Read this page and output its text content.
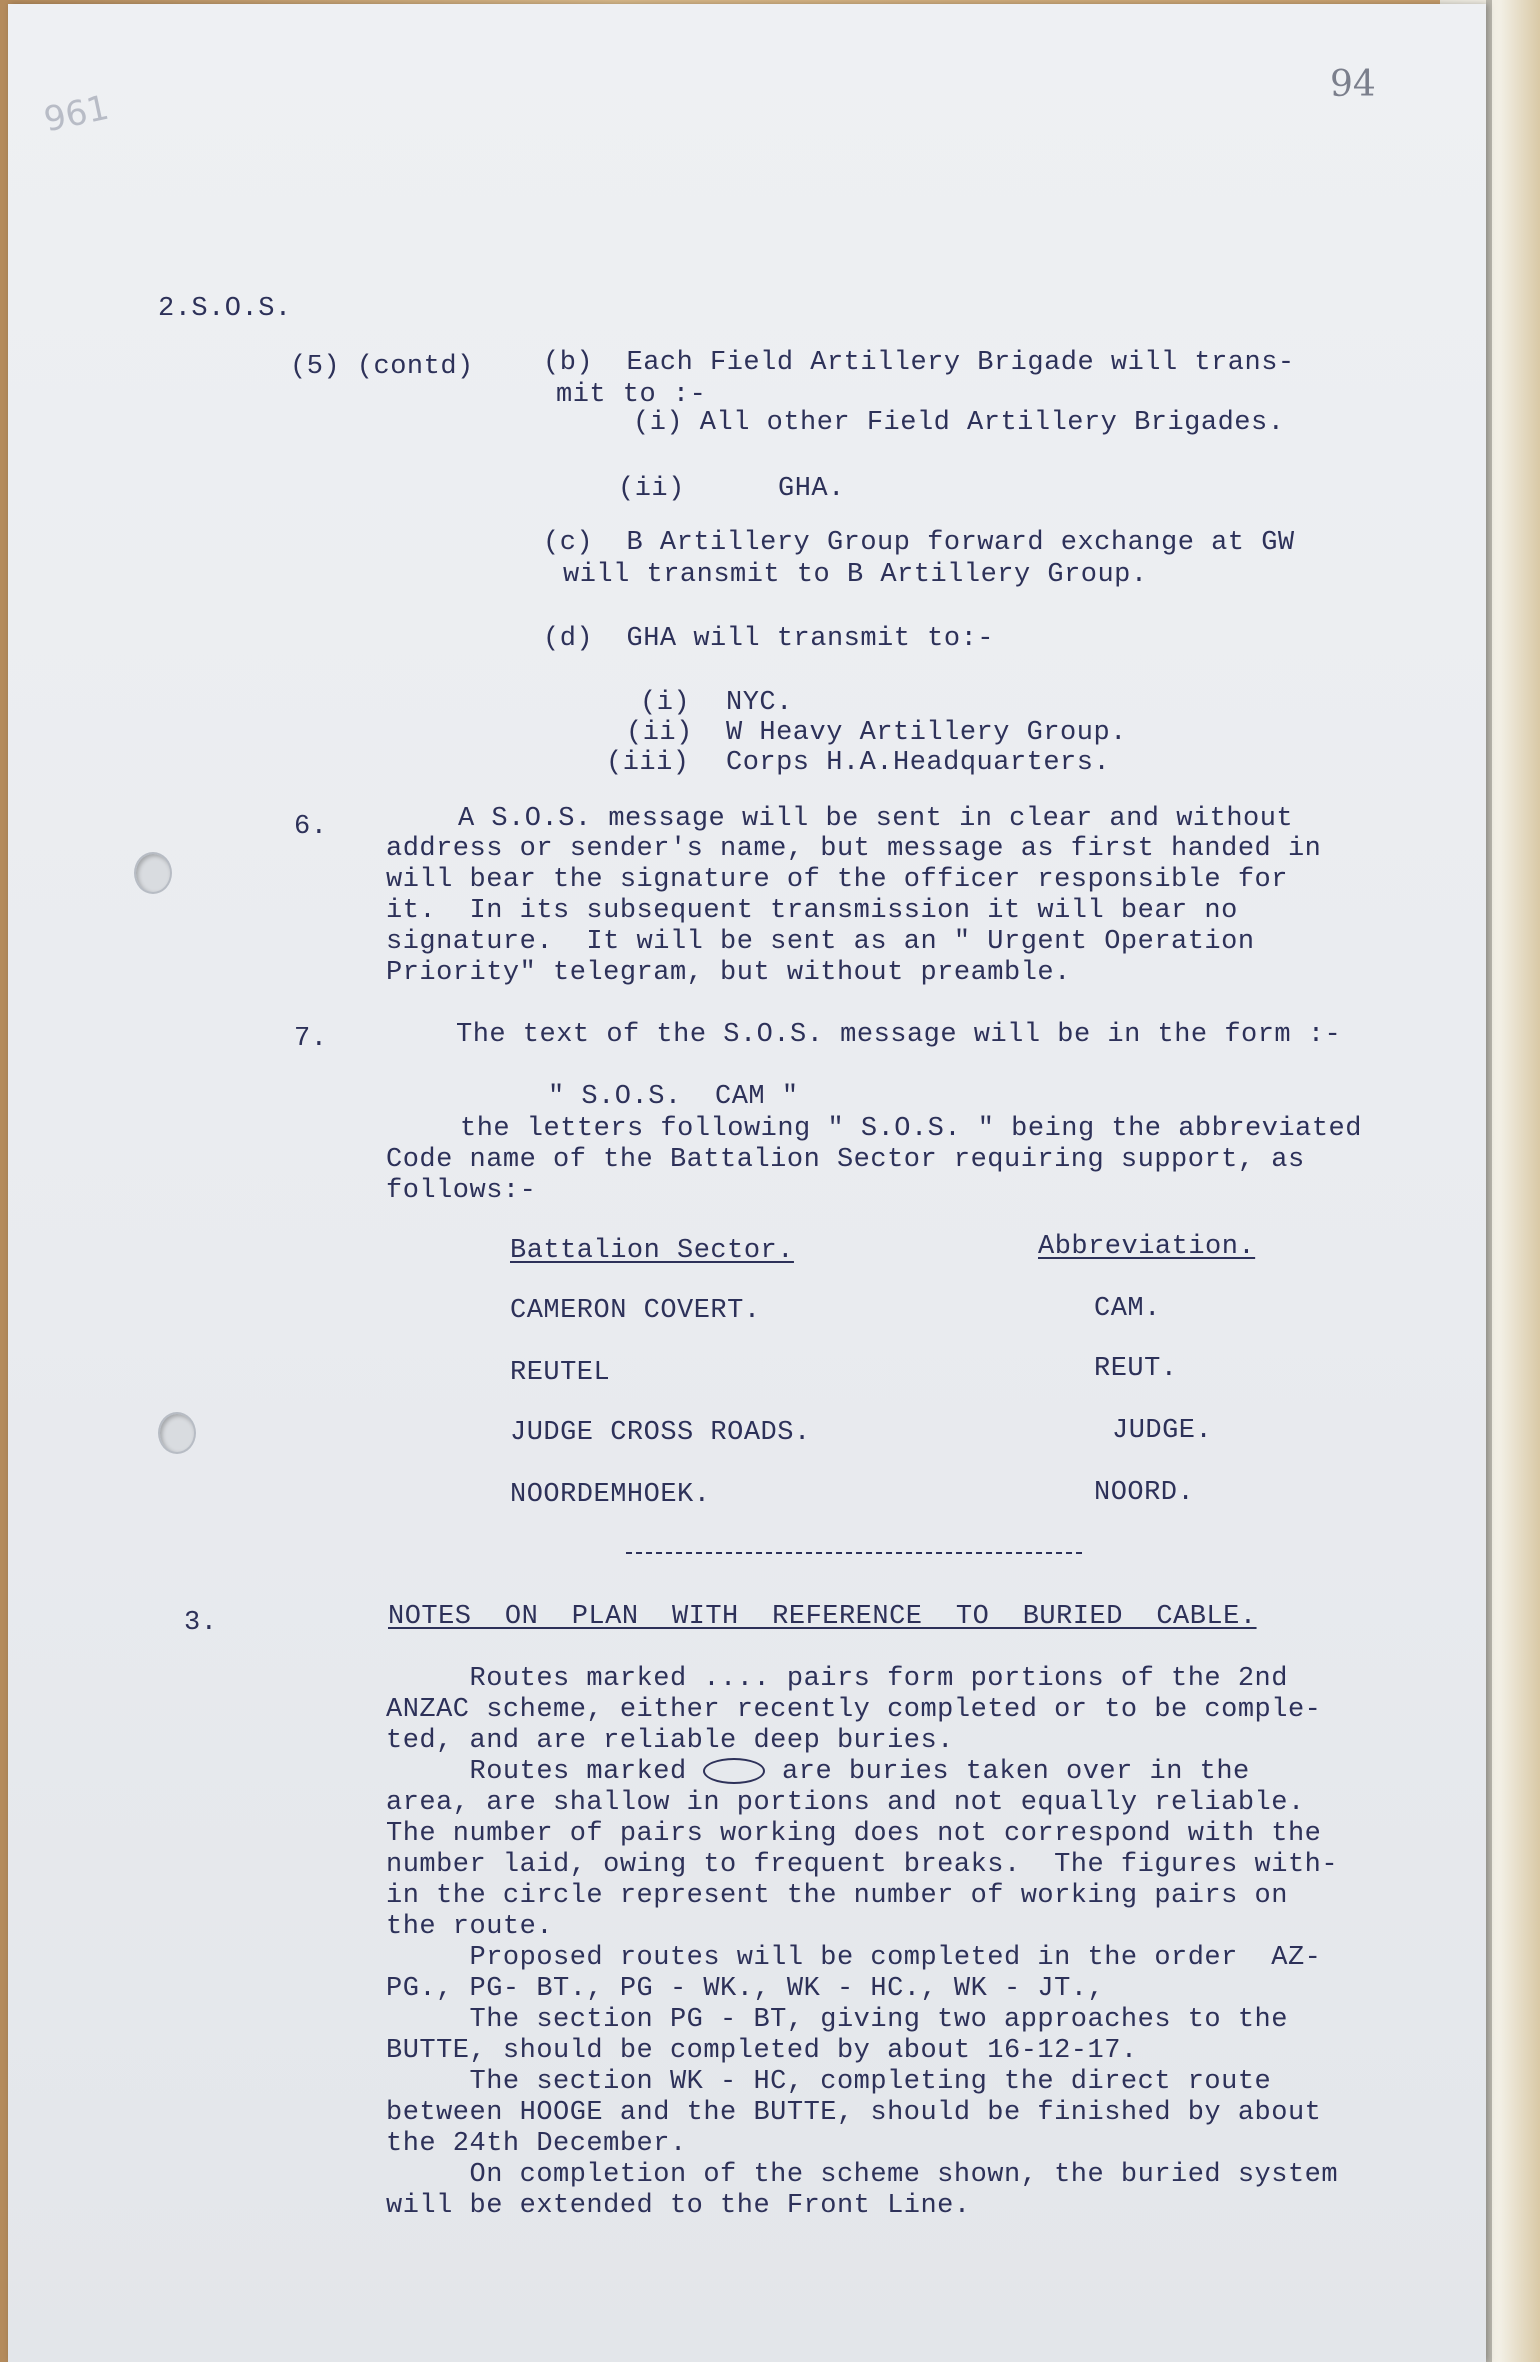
961
94
2.S.O.S.
(5) (contd)	(b)  Each Field Artillery Brigade will trans-
mit to :-
(i) All other Field Artillery Brigades.
(ii)	GHA.
(c)  B Artillery Group forward exchange at GW
will transmit to B Artillery Group.
(d)  GHA will transmit to:-
(i) NYC.
(ii) W Heavy Artillery Group.
(iii) Corps H.A.Headquarters.
6.	A S.O.S. message will be sent in clear and without
address or sender's name, but message as first handed in
will bear the signature of the officer responsible for
it.  In its subsequent transmission it will bear no
signature.  It will be sent as an " Urgent Operation
Priority" telegram, but without preamble.
7.	The text of the S.O.S. message will be in the form :-
" S.O.S.  CAM "
the letters following " S.O.S. " being the abbreviated
Code name of the Battalion Sector requiring support, as
follows:-
Battalion Sector.	Abbreviation.
CAMERON COVERT.	CAM.
REUTEL	REUT.
JUDGE CROSS ROADS.	JUDGE.
NOORDEMHOEK.	NOORD.
3.	NOTES  ON  PLAN  WITH  REFERENCE  TO  BURIED  CABLE.
Routes marked .... pairs form portions of the 2nd
ANZAC scheme, either recently completed or to be comple-
ted, and are reliable deep buries.
Routes marked	are buries taken over in the
area, are shallow in portions and not equally reliable.
The number of pairs working does not correspond with the
number laid, owing to frequent breaks.  The figures with-
in the circle represent the number of working pairs on
the route.
Proposed routes will be completed in the order  AZ-
PG., PG- BT., PG - WK., WK - HC., WK - JT.,
The section PG - BT, giving two approaches to the
BUTTE, should be completed by about 16-12-17.
The section WK - HC, completing the direct route
between HOOGE and the BUTTE, should be finished by about
the 24th December.
On completion of the scheme shown, the buried system
will be extended to the Front Line.
